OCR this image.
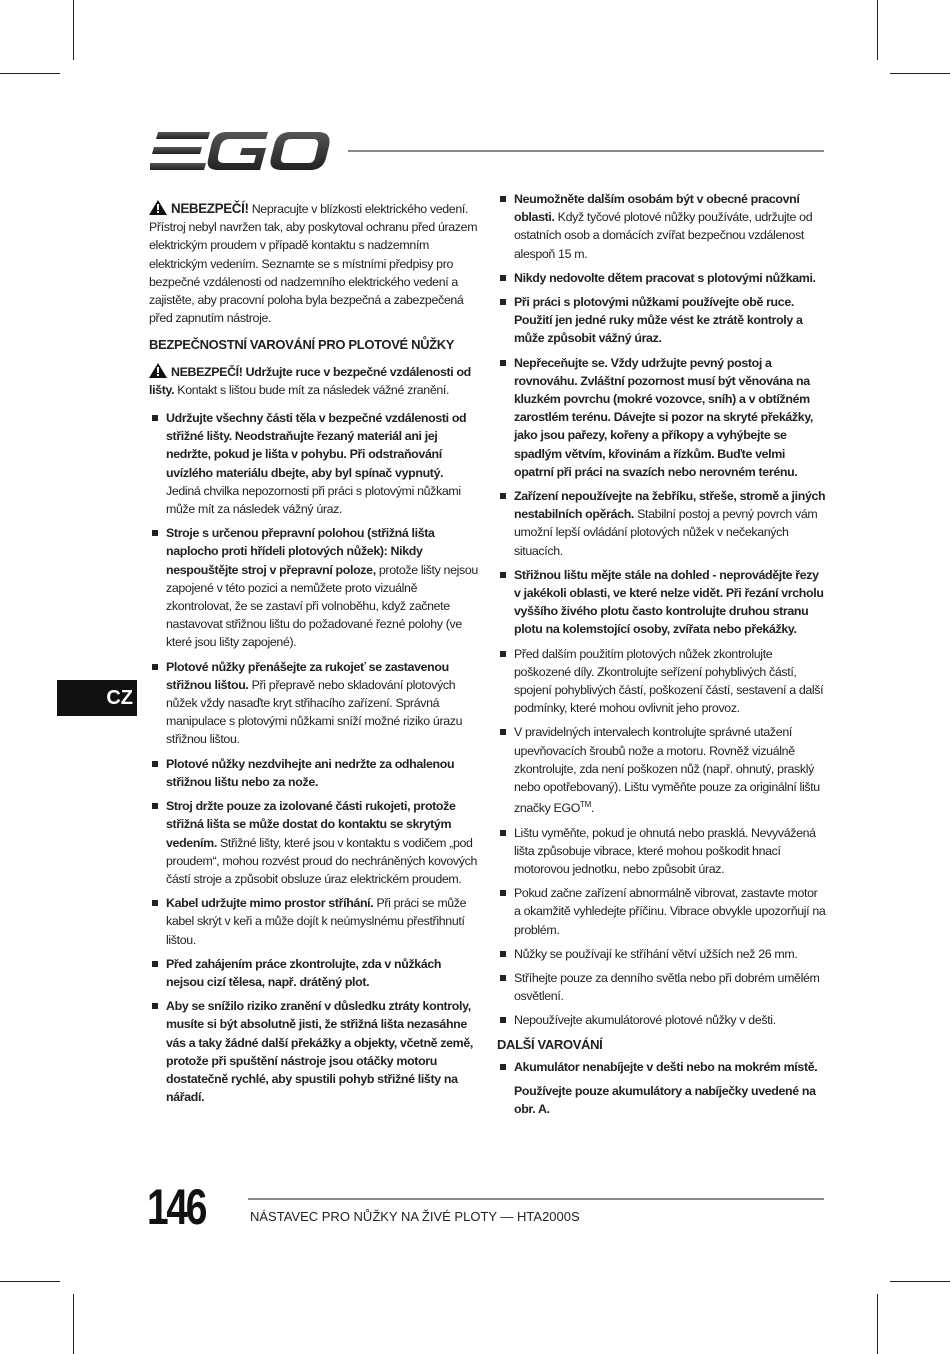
CZ

NEBEZPEČÍ! Nepracujte v blízkosti elektrického vedení. Přístroj nebyl navržen tak, aby poskytoval ochranu před úrazem elektrickým proudem v případě kontaktu s nadzemním elektrickým vedením. Seznamte se s místními předpisy pro bezpečné vzdálenosti od nadzemního elektrického vedení a zajistěte, aby pracovní poloha byla bezpečná a zabezpečená před zapnutím nástroje.

BEZPEČNOSTNÍ VAROVÁNÍ PRO PLOTOVÉ NŮŽKY

NEBEZPEČÍ! Udržujte ruce v bezpečné vzdálenosti od lišty. Kontakt s lištou bude mít za následek vážné zranění.

Udržujte všechny části těla v bezpečné vzdálenosti od střižné lišty. Neodstraňujte řezaný materiál ani jej nedržte, pokud je lišta v pohybu. Při odstraňování uvízlého materiálu dbejte, aby byl spínač vypnutý. Jediná chvilka nepozornosti při práci s plotovými nůžkami může mít za následek vážný úraz.
Stroje s určenou přepravní polohou (střižná lišta naplocho proti hřídeli plotových nůžek): Nikdy nespouštějte stroj v přepravní poloze, protože lišty nejsou zapojené v této pozici a nemůžete proto vizuálně zkontrolovat, že se zastaví při volnoběhu, když začnete nastavovat střižnou lištu do požadované řezné polohy (ve které jsou lišty zapojené).
Plotové nůžky přenášejte za rukojeť se zastavenou střižnou lištou. Při přepravě nebo skladování plotových nůžek vždy nasaďte kryt střihacího zařízení. Správná manipulace s plotovými nůžkami sníží možné riziko úrazu střižnou lištou.
Plotové nůžky nezdvihejte ani nedržte za odhalenou střižnou lištu nebo za nože.
Stroj držte pouze za izolované části rukojeti, protože střižná lišta se může dostat do kontaktu se skrytým vedením. Střižné lišty, které jsou v kontaktu s vodičem „pod proudem“, mohou rozvést proud do nechráněných kovových částí stroje a způsobit obsluze úraz elektrickém proudem.
Kabel udržujte mimo prostor stříhání. Při práci se může kabel skrýt v keři a může dojít k neúmyslnému přestřihnutí lištou.
Před zahájením práce zkontrolujte, zda v nůžkách nejsou cizí tělesa, např. drátěný plot.
Aby se snížilo riziko zranění v důsledku ztráty kontroly, musíte si být absolutně jisti, že střižná lišta nezasáhne vás a taky žádné další překážky a objekty, včetně země, protože při spuštění nástroje jsou otáčky motoru dostatečně rychlé, aby spustili pohyb střižné lišty na nářadí.
Neumožněte dalším osobám být v obecné pracovní oblasti. Když tyčové plotové nůžky používáte, udržujte od ostatních osob a domácích zvířat bezpečnou vzdálenost alespoň 15 m.
Nikdy nedovolte dětem pracovat s plotovými nůžkami.
Při práci s plotovými nůžkami používejte obě ruce. Použití jen jedné ruky může vést ke ztrátě kontroly a může způsobit vážný úraz.
Nepřeceňujte se. Vždy udržujte pevný postoj a rovnováhu. Zvláštní pozornost musí být věnována na kluzkém povrchu (mokré vozovce, sníh) a v obtížném zarostlém terénu. Dávejte si pozor na skryté překážky, jako jsou pařezy, kořeny a příkopy a vyhýbejte se spadlým větvím, křovinám a řízkům. Buďte velmi opatrní při práci na svazích nebo nerovném terénu.
Zařízení nepoužívejte na žebříku, střeše, stromě a jiných nestabilních opěrách. Stabilní postoj a pevný povrch vám umožní lepší ovládání plotových nůžek v nečekaných situacích.
Střižnou lištu mějte stále na dohled - neprovádějte řezy v jakékoli oblasti, ve které nelze vidět. Při řezání vrcholu vyššího živého plotu často kontrolujte druhou stranu plotu na kolemstojící osoby, zvířata nebo překážky.
Před dalším použitím plotových nůžek zkontrolujte poškozené díly. Zkontrolujte seřízení pohyblivých částí, spojení pohyblivých částí, poškození částí, sestavení a další podmínky, které mohou ovlivnit jeho provoz.
V pravidelných intervalech kontrolujte správné utažení upevňovacích šroubů nože a motoru. Rovněž vizuálně zkontrolujte, zda není poškozen nůž (např. ohnutý, prasklý nebo opotřebovaný). Lištu vyměňte pouze za originální lištu značky EGO™.
Lištu vyměňte, pokud je ohnutá nebo prasklá. Nevyvážená lišta způsobuje vibrace, které mohou poškodit hnací motorovou jednotku, nebo způsobit úraz.
Pokud začne zařízení abnormálně vibrovat, zastavte motor a okamžitě vyhledejte příčinu. Vibrace obvykle upozorňují na problém.
Nůžky se používají ke stříhání větví užších než 26 mm.
Stříhejte pouze za denního světla nebo při dobrém umělém osvětlení.
Nepoužívejte akumulátorové plotové nůžky v dešti.
DALŠÍ VAROVÁNÍ
Akumulátor nenabíjejte v dešti nebo na mokrém místě.
Používejte pouze akumulátory a nabíječky uvedené na obr. A.
146	NÁSTAVEC PRO NŮŽKY NA ŽIVÉ PLOTY — HTA2000S
